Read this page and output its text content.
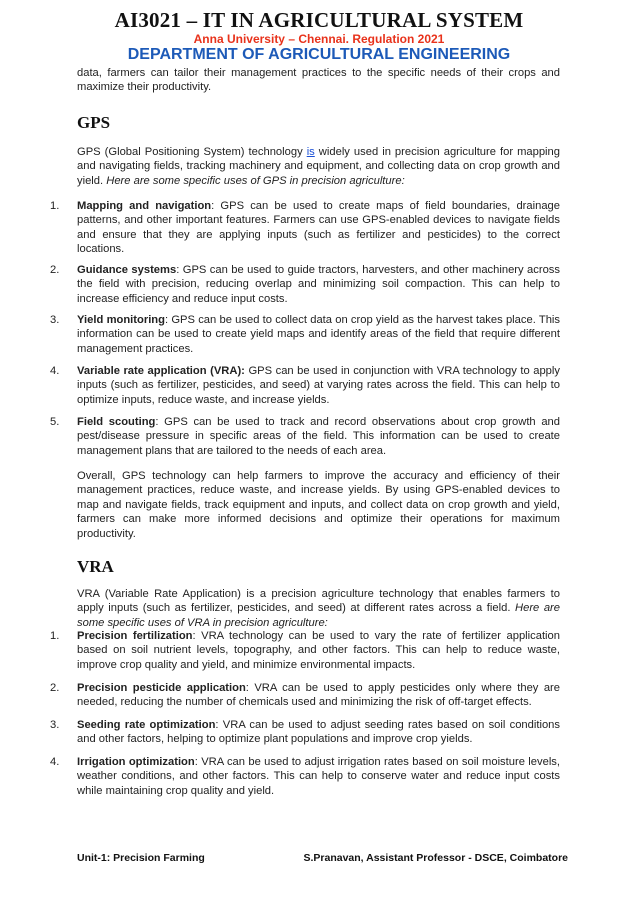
AI3021 – IT IN AGRICULTURAL SYSTEM
Anna University – Chennai. Regulation 2021
DEPARTMENT OF AGRICULTURAL ENGINEERING

data, farmers can tailor their management practices to the specific needs of their crops and maximize their productivity.

GPS

GPS (Global Positioning System) technology is widely used in precision agriculture for mapping and navigating fields, tracking machinery and equipment, and collecting data on crop growth and yield. Here are some specific uses of GPS in precision agriculture:

1. Mapping and navigation: GPS can be used to create maps of field boundaries, drainage patterns, and other important features. Farmers can use GPS-enabled devices to navigate fields and ensure that they are applying inputs (such as fertilizer and pesticides) to the correct locations.

2. Guidance systems: GPS can be used to guide tractors, harvesters, and other machinery across the field with precision, reducing overlap and minimizing soil compaction. This can help to increase efficiency and reduce input costs.

3. Yield monitoring: GPS can be used to collect data on crop yield as the harvest takes place. This information can be used to create yield maps and identify areas of the field that require different management practices.

4. Variable rate application (VRA): GPS can be used in conjunction with VRA technology to apply inputs (such as fertilizer, pesticides, and seed) at varying rates across the field. This can help to optimize inputs, reduce waste, and increase yields.

5. Field scouting: GPS can be used to track and record observations about crop growth and pest/disease pressure in specific areas of the field. This information can be used to create management plans that are tailored to the needs of each area.

Overall, GPS technology can help farmers to improve the accuracy and efficiency of their management practices, reduce waste, and increase yields. By using GPS-enabled devices to map and navigate fields, track equipment and inputs, and collect data on crop growth and yield, farmers can make more informed decisions and optimize their operations for maximum productivity.

VRA

VRA (Variable Rate Application) is a precision agriculture technology that enables farmers to apply inputs (such as fertilizer, pesticides, and seed) at different rates across a field. Here are some specific uses of VRA in precision agriculture:

1. Precision fertilization: VRA technology can be used to vary the rate of fertilizer application based on soil nutrient levels, topography, and other factors. This can help to reduce waste, improve crop quality and yield, and minimize environmental impacts.

2. Precision pesticide application: VRA can be used to apply pesticides only where they are needed, reducing the number of chemicals used and minimizing the risk of off-target effects.

3. Seeding rate optimization: VRA can be used to adjust seeding rates based on soil conditions and other factors, helping to optimize plant populations and improve crop yields.

4. Irrigation optimization: VRA can be used to adjust irrigation rates based on soil moisture levels, weather conditions, and other factors. This can help to conserve water and reduce input costs while maintaining crop quality and yield.

Unit-1: Precision Farming	S.Pranavan, Assistant Professor - DSCE, Coimbatore
